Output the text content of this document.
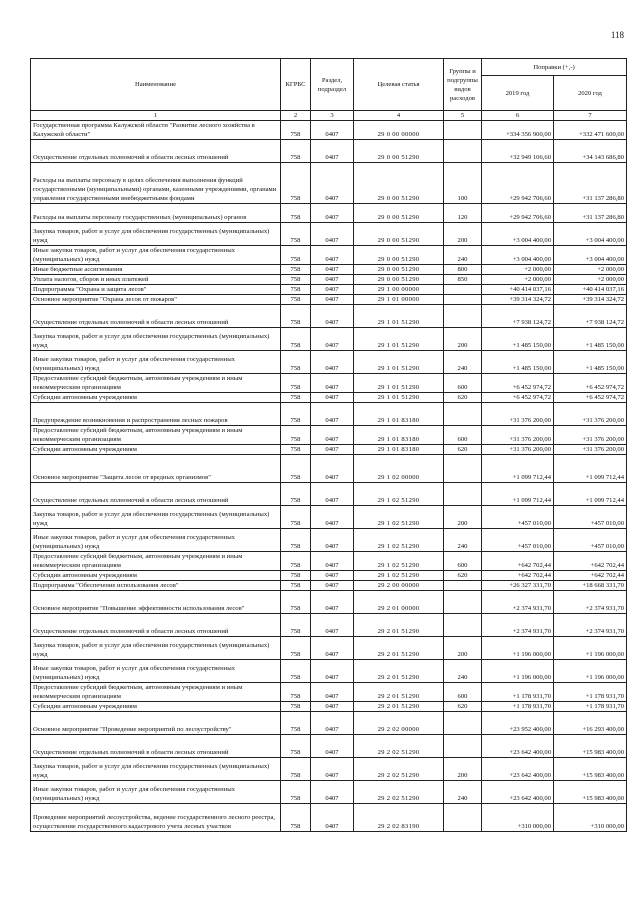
118
Наименование	КГРБС	Раздел, подраздел	Целевая статья	Группы и подгруппы видов расходов	Поправки (+,-)	
					2019 год	2020 год
1	2	3	4	5	6	7
Государственная программа Калужской области "Развитие лесного хозяйства в Калужской области"	758	0407	29 0 00 00000		+334 356 900,00	+332 471 600,00
Осуществление отдельных полномочий в области лесных отношений	758	0407	29 0 00 51290		+32 949 106,60	+34 143 686,80
Расходы на выплаты персоналу в целях обеспечения выполнения функций государственными (муниципальными) органами, казенными учреждениями, органами управления государственными внебюджетными фондами	758	0407	29 0 00 51290	100	+29 942 706,60	+31 137 286,80
Расходы на выплаты персоналу государственных (муниципальных) органов	758	0407	29 0 00 51290	120	+29 942 706,60	+31 137 286,80
Закупка товаров, работ и услуг для обеспечения государственных (муниципальных) нужд	758	0407	29 0 00 51290	200	+3 004 400,00	+3 004 400,00
Иные закупки товаров, работ и услуг для обеспечения государственных (муниципальных) нужд	758	0407	29 0 00 51290	240	+3 004 400,00	+3 004 400,00
Иные бюджетные ассигнования	758	0407	29 0 00 51290	800	+2 000,00	+2 000,00
Уплата налогов, сборов и иных платежей	758	0407	29 0 00 51290	850	+2 000,00	+2 000,00
Подпрограмма "Охрана и защита лесов"	758	0407	29 1 00 00000		+40 414 037,16	+40 414 037,16
Основное мероприятие "Охрана лесов от пожаров"	758	0407	29 1 01 00000		+39 314 324,72	+39 314 324,72
Осуществление отдельных полномочий в области лесных отношений	758	0407	29 1 01 51290		+7 938 124,72	+7 938 124,72
Закупка товаров, работ и услуг для обеспечения государственных (муниципальных) нужд	758	0407	29 1 01 51290	200	+1 485 150,00	+1 485 150,00
Иные закупки товаров, работ и услуг для обеспечения государственных (муниципальных) нужд	758	0407	29 1 01 51290	240	+1 485 150,00	+1 485 150,00
Предоставление субсидий бюджетным, автономным учреждениям и иным некоммерческим организациям	758	0407	29 1 01 51290	600	+6 452 974,72	+6 452 974,72
Субсидии автономным учреждениям	758	0407	29 1 01 51290	620	+6 452 974,72	+6 452 974,72
Предупреждение возникновения и распространения лесных пожаров	758	0407	29 1 01 83180		+31 376 200,00	+31 376 200,00
Предоставление субсидий бюджетным, автономным учреждениям и иным некоммерческим организациям	758	0407	29 1 01 83180	600	+31 376 200,00	+31 376 200,00
Субсидии автономным учреждениям	758	0407	29 1 01 83180	620	+31 376 200,00	+31 376 200,00
Основное мероприятие "Защита лесов от вредных организмов"	758	0407	29 1 02 00000		+1 099 712,44	+1 099 712,44
Осуществление отдельных полномочий в области лесных отношений	758	0407	29 1 02 51290		+1 099 712,44	+1 099 712,44
Закупка товаров, работ и услуг для обеспечения государственных (муниципальных) нужд	758	0407	29 1 02 51290	200	+457 010,00	+457 010,00
Иные закупки товаров, работ и услуг для обеспечения государственных (муниципальных) нужд	758	0407	29 1 02 51290	240	+457 010,00	+457 010,00
Предоставление субсидий бюджетным, автономным учреждениям и иным некоммерческим организациям	758	0407	29 1 02 51290	600	+642 702,44	+642 702,44
Субсидии автономным учреждениям	758	0407	29 1 02 51290	620	+642 702,44	+642 702,44
Подпрограмма "Обеспечение использования лесов"	758	0407	29 2 00 00000		+26 327 331,70	+18 668 331,70
Основное мероприятие "Повышение эффективности использования лесов"	758	0407	29 2 01 00000		+2 374 931,70	+2 374 931,70
Осуществление отдельных полномочий в области лесных отношений	758	0407	29 2 01 51290		+2 374 931,70	+2 374 931,70
Закупка товаров, работ и услуг для обеспечения государственных (муниципальных) нужд	758	0407	29 2 01 51290	200	+1 196 000,00	+1 196 000,00
Иные закупки товаров, работ и услуг для обеспечения государственных (муниципальных) нужд	758	0407	29 2 01 51290	240	+1 196 000,00	+1 196 000,00
Предоставление субсидий бюджетным, автономным учреждениям и иным некоммерческим организациям	758	0407	29 2 01 51290	600	+1 178 931,70	+1 178 931,70
Субсидии автономным учреждениям	758	0407	29 2 01 51290	620	+1 178 931,70	+1 178 931,70
Основное мероприятие "Проведение мероприятий по лесоустройству"	758	0407	29 2 02 00000		+23 952 400,00	+16 293 400,00
Осуществление отдельных полномочий в области лесных отношений	758	0407	29 2 02 51290		+23 642 400,00	+15 983 400,00
Закупка товаров, работ и услуг для обеспечения государственных (муниципальных) нужд	758	0407	29 2 02 51290	200	+23 642 400,00	+15 983 400,00
Иные закупки товаров, работ и услуг для обеспечения государственных (муниципальных) нужд	758	0407	29 2 02 51290	240	+23 642 400,00	+15 983 400,00
Проведение мероприятий лесоустройства, ведение государственного лесного реестра, осуществление государственного кадастрового учета лесных участков	758	0407	29 2 02 83190		+310 000,00	+310 000,00
